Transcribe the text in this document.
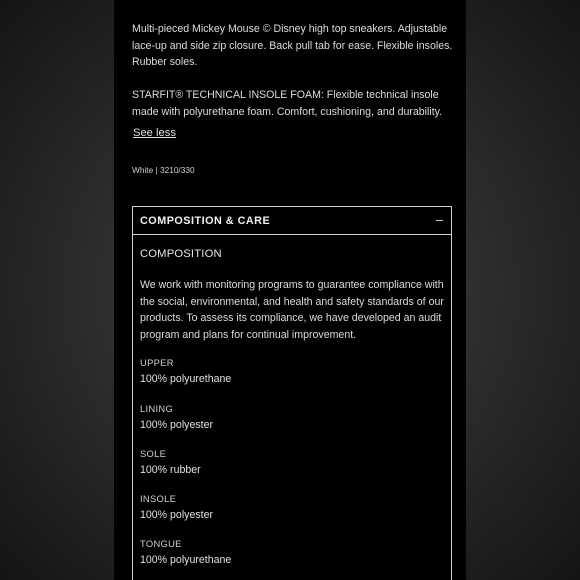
Multi-pieced Mickey Mouse © Disney high top sneakers. Adjustable lace-up and side zip closure. Back pull tab for ease. Flexible insoles. Rubber soles.

STARFIT® TECHNICAL INSOLE FOAM: Flexible technical insole made with polyurethane foam. Comfort, cushioning, and durability.

See less
White | 3210/330
COMPOSITION & CARE
COMPOSITION

We work with monitoring programs to guarantee compliance with the social, environmental, and health and safety standards of our products. To assess its compliance, we have developed an audit program and plans for continual improvement.

UPPER
100% polyurethane
LINING
100% polyester
SOLE
100% rubber
INSOLE
100% polyester
TONGUE
100% polyurethane
